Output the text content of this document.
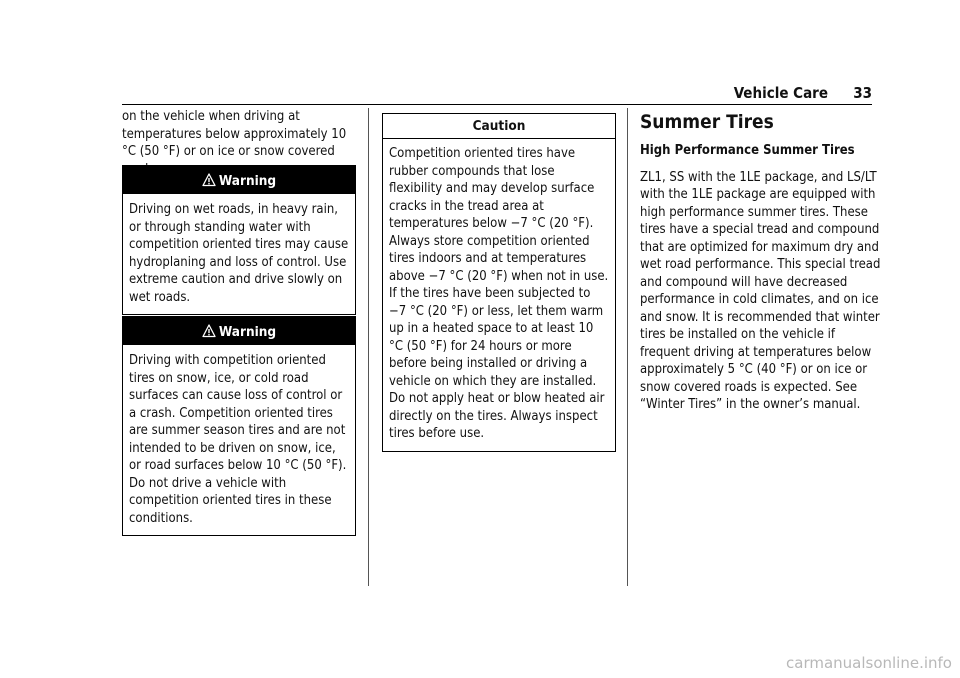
Vehicle Care 33

on the vehicle when driving at temperatures below approximately 10 °C (50 °F) or on ice or snow covered

Warning
Driving on wet roads, in heavy rain, or through standing water with competition oriented tires may cause hydroplaning and loss of control. Use extreme caution and drive slowly on wet roads.
Warning
Driving with competition oriented tires on snow, ice, or cold road surfaces can cause loss of control or a crash. Competition oriented tires are summer season tires and are not intended to be driven on snow, ice, or road surfaces below 10 °C (50 °F). Do not drive a vehicle with competition oriented tires in these conditions.
Caution
Competition oriented tires have rubber compounds that lose flexibility and may develop surface cracks in the tread area at temperatures below −7 °C (20 °F). Always store competition oriented tires indoors and at temperatures above −7 °C (20 °F) when not in use. If the tires have been subjected to −7 °C (20 °F) or less, let them warm up in a heated space to at least 10 °C (50 °F) for 24 hours or more before being installed or driving a vehicle on which they are installed. Do not apply heat or blow heated air directly on the tires. Always inspect tires before use.
Summer Tires
High Performance Summer Tires

ZL1, SS with the 1LE package, and LS/LT with the 1LE package are equipped with high performance summer tires. These tires have a special tread and compound that are optimized for maximum dry and wet road performance. This special tread and compound will have decreased performance in cold climates, and on ice and snow. It is recommended that winter tires be installed on the vehicle if frequent driving at temperatures below approximately 5 °C (40 °F) or on ice or snow covered roads is expected. See “Winter Tires” in the owner’s manual.

carmanualsonline.info
